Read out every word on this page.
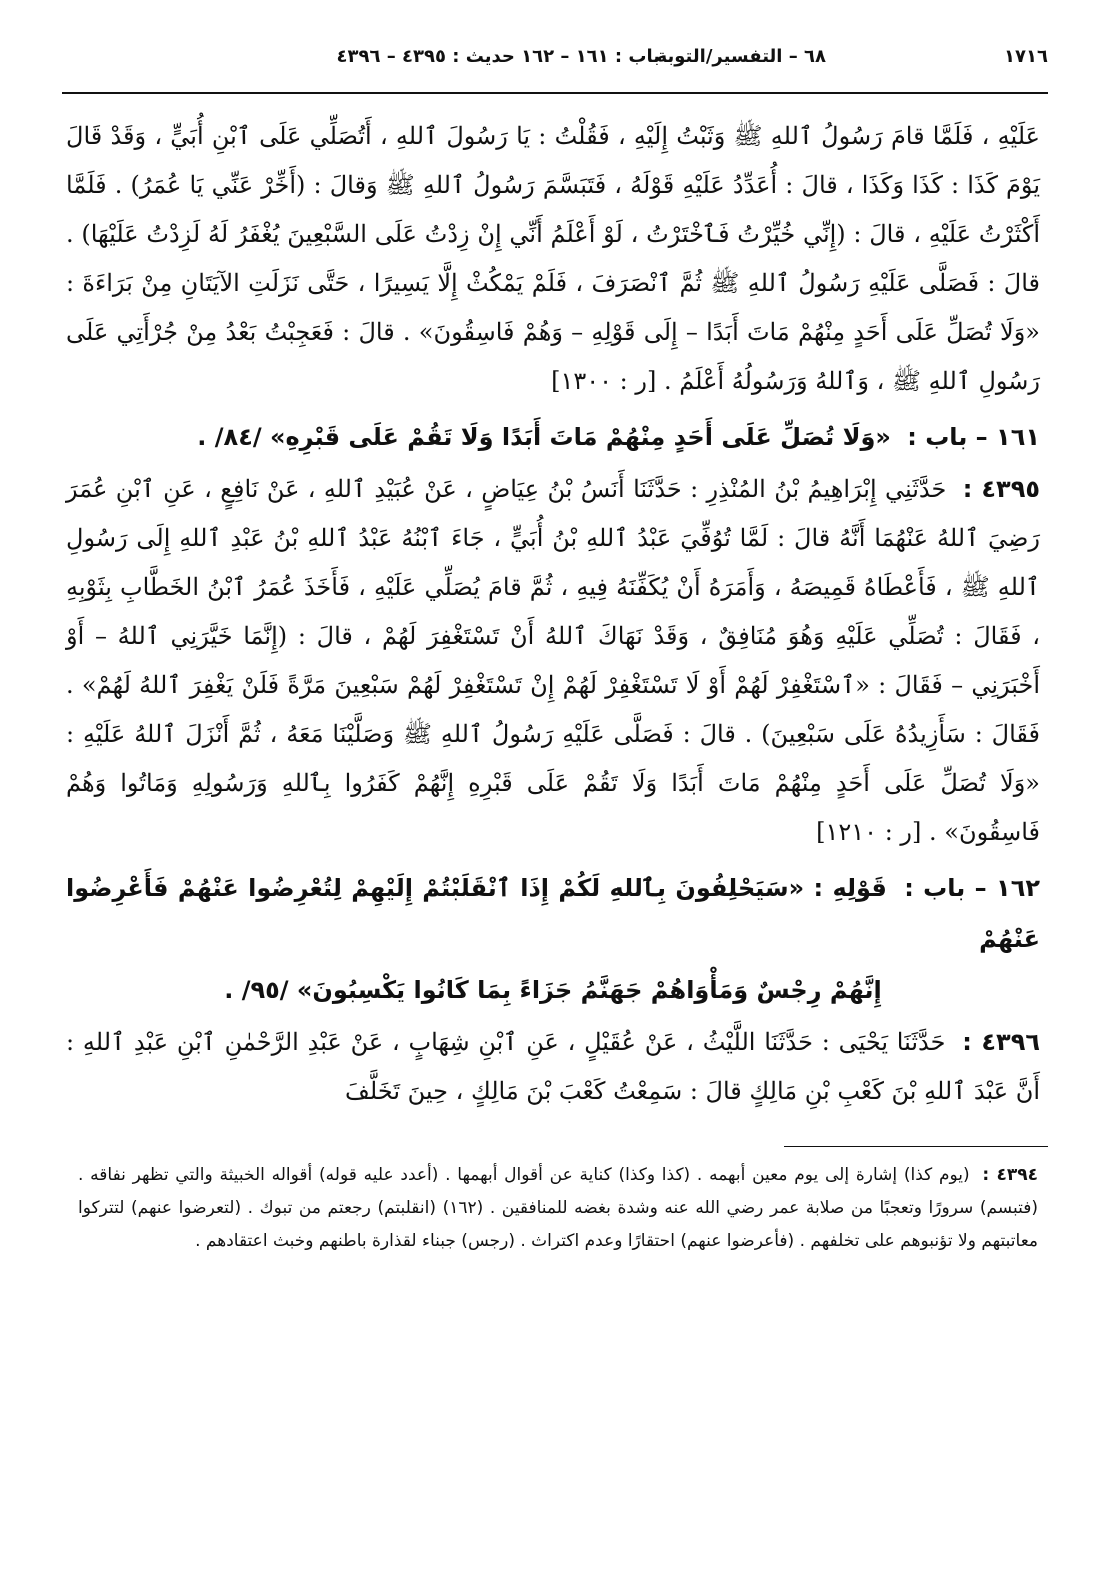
١٧١٦
٦٨ – التفسير/التوبة
باب : ١٦١ – ١٦٢ حديث : ٤٣٩٥ – ٤٣٩٦

عَلَيْهِ ، فَلَمَّا قامَ رَسُولُ ٱللهِ ﷺ وَثَبْتُ إِلَيْهِ ، فَقُلْتُ : يَا رَسُولَ ٱللهِ ، أَتُصَلِّي عَلَى ٱبْنِ أُبَيٍّ ، وَقَدْ قَالَ يَوْمَ كَذَا : كَذَا وَكَذَا ، قالَ : أُعَدِّدُ عَلَيْهِ قَوْلَهُ ، فَتَبَسَّمَ رَسُولُ ٱللهِ ﷺ وَقالَ : (أَخِّرْ عَنِّي يَا عُمَرُ) . فَلَمَّا أَكْثَرْتُ عَلَيْهِ ، قالَ : (إِنِّي خُيِّرْتُ فَٱخْتَرْتُ ، لَوْ أَعْلَمُ أَنِّي إِنْ زِدْتُ عَلَى السَّبْعِينَ يُغْفَرُ لَهُ لَزِدْتُ عَلَيْهَا) . قالَ : فَصَلَّى عَلَيْهِ رَسُولُ ٱللهِ ﷺ ثُمَّ ٱنْصَرَفَ ، فَلَمْ يَمْكُثْ إِلَّا يَسِيرًا ، حَتَّى نَزَلَتِ الآيَتَانِ مِنْ بَرَاءَةَ : «وَلَا تُصَلِّ عَلَى أَحَدٍ مِنْهُمْ مَاتَ أَبَدًا – إِلَى قَوْلِهِ – وَهُمْ فَاسِقُونَ» . قالَ : فَعَجِبْتُ بَعْدُ مِنْ جُرْأَتِي عَلَى رَسُولِ ٱللهِ ﷺ ، وَٱللهُ وَرَسُولُهُ أَعْلَمُ . [ر : ١٣٠٠]

١٦١ – باب : «وَلَا تُصَلِّ عَلَى أَحَدٍ مِنْهُمْ مَاتَ أَبَدًا وَلَا تَقُمْ عَلَى قَبْرِهِ» /٨٤/ .

٤٣٩٥ : حَدَّثَنِي إِبْرَاهِيمُ بْنُ المُنْذِرِ : حَدَّثَنَا أَنَسُ بْنُ عِيَاضٍ ، عَنْ عُبَيْدِ ٱللهِ ، عَنْ نَافِعٍ ، عَنِ ٱبْنِ عُمَرَ رَضِيَ ٱللهُ عَنْهُمَا أَنَّهُ قالَ : لَمَّا تُوُفِّيَ عَبْدُ ٱللهِ بْنُ أُبَيٍّ ، جَاءَ ٱبْنُهُ عَبْدُ ٱللهِ بْنُ عَبْدِ ٱللهِ إِلَى رَسُولِ ٱللهِ ﷺ ، فَأَعْطَاهُ قَمِيصَهُ ، وَأَمَرَهُ أَنْ يُكَفِّنَهُ فِيهِ ، ثُمَّ قامَ يُصَلِّي عَلَيْهِ ، فَأَخَذَ عُمَرُ ٱبْنُ الخَطَّابِ بِثَوْبِهِ ، فَقَالَ : تُصَلِّي عَلَيْهِ وَهُوَ مُنَافِقٌ ، وَقَدْ نَهَاكَ ٱللهُ أَنْ تَسْتَغْفِرَ لَهُمْ ، قالَ : (إِنَّمَا خَيَّرَنِي ٱللهُ – أَوْ أَخْبَرَنِي – فَقَالَ : «ٱسْتَغْفِرْ لَهُمْ أَوْ لَا تَسْتَغْفِرْ لَهُمْ إِنْ تَسْتَغْفِرْ لَهُمْ سَبْعِينَ مَرَّةً فَلَنْ يَغْفِرَ ٱللهُ لَهُمْ» . فَقَالَ : سَأَزِيدُهُ عَلَى سَبْعِينَ) . قالَ : فَصَلَّى عَلَيْهِ رَسُولُ ٱللهِ ﷺ وَصَلَّيْنَا مَعَهُ ، ثُمَّ أَنْزَلَ ٱللهُ عَلَيْهِ : «وَلَا تُصَلِّ عَلَى أَحَدٍ مِنْهُمْ مَاتَ أَبَدًا وَلَا تَقُمْ عَلَى قَبْرِهِ إِنَّهُمْ كَفَرُوا بِٱللهِ وَرَسُولِهِ وَمَاتُوا وَهُمْ فَاسِقُونَ» . [ر : ١٢١٠]

١٦٢ – باب : قَوْلِهِ : «سَيَحْلِفُونَ بِٱللهِ لَكُمْ إِذَا ٱنْقَلَبْتُمْ إِلَيْهِمْ لِتُعْرِضُوا عَنْهُمْ فَأَعْرِضُوا عَنْهُمْ
إِنَّهُمْ رِجْسٌ وَمَأْوَاهُمْ جَهَنَّمُ جَزَاءً بِمَا كَانُوا يَكْسِبُونَ» /٩٥/ .

٤٣٩٦ : حَدَّثَنَا يَحْيَى : حَدَّثَنَا اللَّيْثُ ، عَنْ عُقَيْلٍ ، عَنِ ٱبْنِ شِهَابٍ ، عَنْ عَبْدِ الرَّحْمٰنِ ٱبْنِ عَبْدِ ٱللهِ : أَنَّ عَبْدَ ٱللهِ بْنَ كَعْبِ بْنِ مَالِكٍ قالَ : سَمِعْتُ كَعْبَ بْنَ مَالِكٍ ، حِينَ تَخَلَّفَ

٤٣٩٤ : (يوم كذا) إشارة إلى يوم معين أبهمه . (كذا وكذا) كناية عن أقوال أبهمها . (أعدد عليه قوله) أقواله الخبيثة والتي تظهر نفاقه . (فتبسم) سرورًا وتعجبًا من صلابة عمر رضي الله عنه وشدة بغضه للمنافقين . (١٦٢) (انقلبتم) رجعتم من تبوك . (لتعرضوا عنهم) لتتركوا معاتبتهم ولا تؤنبوهم على تخلفهم . (فأعرضوا عنهم) احتقارًا وعدم اكتراث . (رجس) جبناء لقذارة باطنهم وخبث اعتقادهم .
